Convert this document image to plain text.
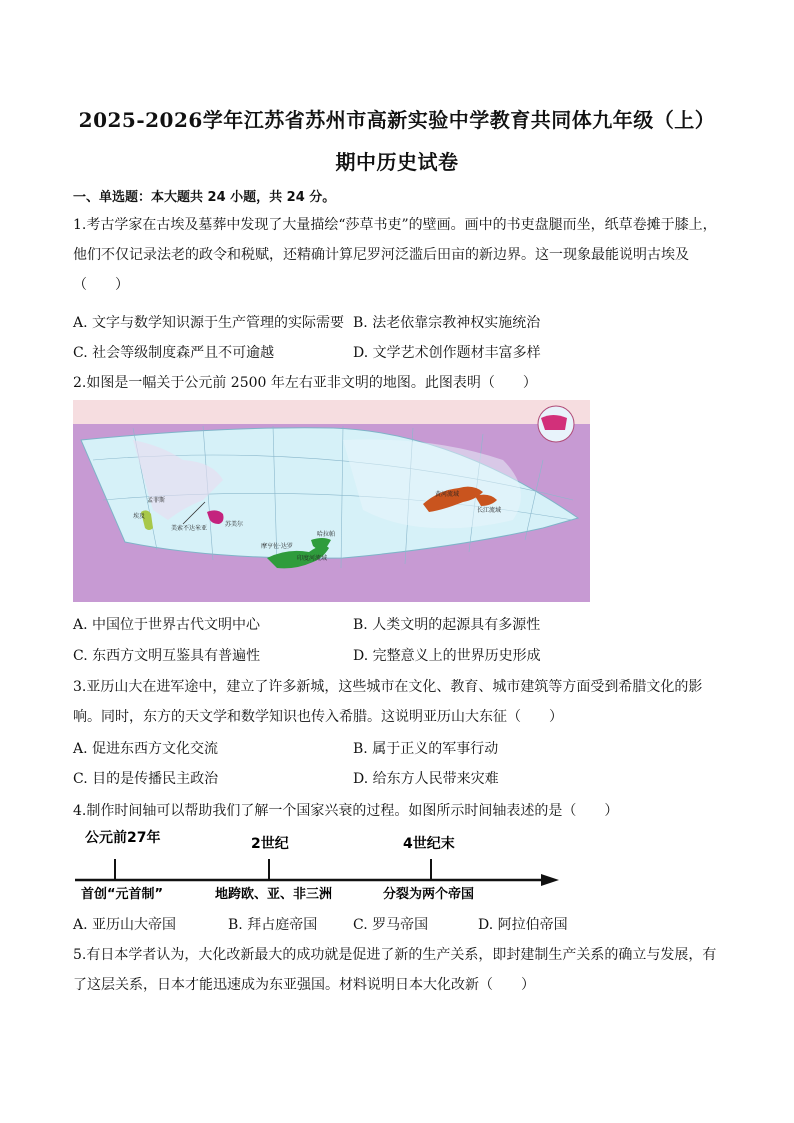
2025-2026学年江苏省苏州市高新实验中学教育共同体九年级（上）
期中历史试卷
一、单选题：本大题共 24 小题，共 24 分。
1.考古学家在古埃及墓葬中发现了大量描绘“莎草书吏”的壁画。画中的书吏盘腿而坐，纸草卷摊于膝上，他们不仅记录法老的政令和税赋，还精确计算尼罗河泛滥后田亩的新边界。这一现象最能说明古埃及（　　）
A. 文字与数学知识源于生产管理的实际需要 B. 法老依靠宗教神权实施统治
C. 社会等级制度森严且不可逾越	D. 文学艺术创作题材丰富多样
2.如图是一幅关于公元前 2500 年左右亚非文明的地图。此图表明（　　）
孟菲斯
埃及
美索不达米亚
苏美尔
哈拉帕
摩亨佐·达罗
印度河流域
黄河流域
长江流域
A. 中国位于世界古代文明中心	B. 人类文明的起源具有多源性
C. 东西方文明互鉴具有普遍性	D. 完整意义上的世界历史形成
3.亚历山大在进军途中，建立了许多新城，这些城市在文化、教育、城市建筑等方面受到希腊文化的影响。同时，东方的天文学和数学知识也传入希腊。这说明亚历山大东征（　　）
A. 促进东西方文化交流	B. 属于正义的军事行动
C. 目的是传播民主政治	D. 给东方人民带来灾难
4.制作时间轴可以帮助我们了解一个国家兴衰的过程。如图所示时间轴表述的是（　　）
公元前27年	2世纪	4世纪末
首创“元首制”	地跨欧、亚、非三洲	分裂为两个帝国
A. 亚历山大帝国	B. 拜占庭帝国	C. 罗马帝国	D. 阿拉伯帝国
5.有日本学者认为，大化改新最大的成功就是促进了新的生产关系，即封建制生产关系的确立与发展，有了这层关系，日本才能迅速成为东亚强国。材料说明日本大化改新（　　）
